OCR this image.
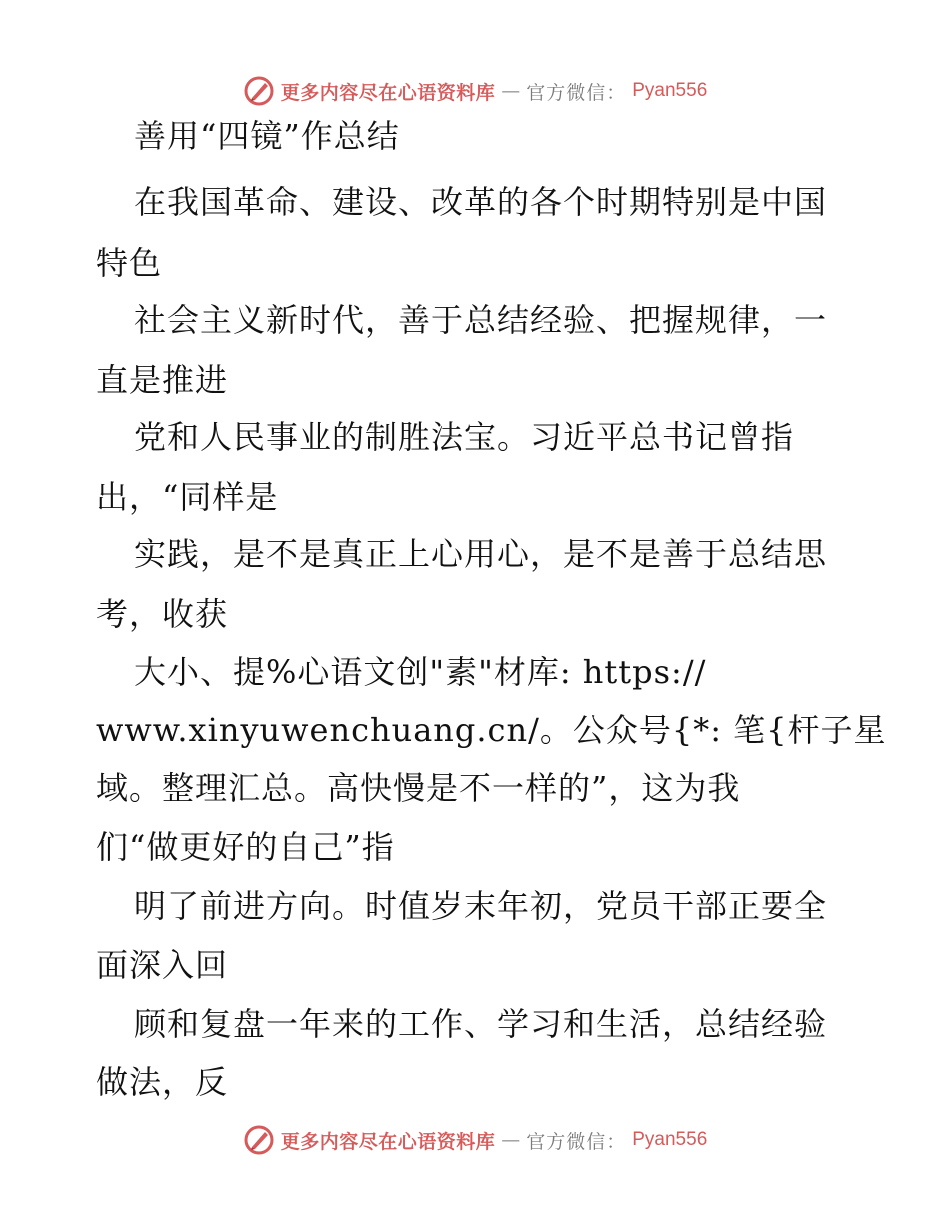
更多内容尽在心语资料库 — 官方微信： Pyan556
善用“四镜”作总结
在我国革命、建设、改革的各个时期特别是中国
特色
社会主义新时代，善于总结经验、把握规律，一
直是推进
党和人民事业的制胜法宝。习近平总书记曾指
出，“同样是
实践，是不是真正上心用心，是不是善于总结思
考，收获
大小、提%心语文创"素"材库: https://
www.xinyuwenchuang.cn/。公众号{*: 笔{杆子星
域。整理汇总。高快慢是不一样的”，这为我
们“做更好的自己”指
明了前进方向。时值岁末年初，党员干部正要全
面深入回
顾和复盘一年来的工作、学习和生活，总结经验
做法，反
更多内容尽在心语资料库 — 官方微信： Pyan556
